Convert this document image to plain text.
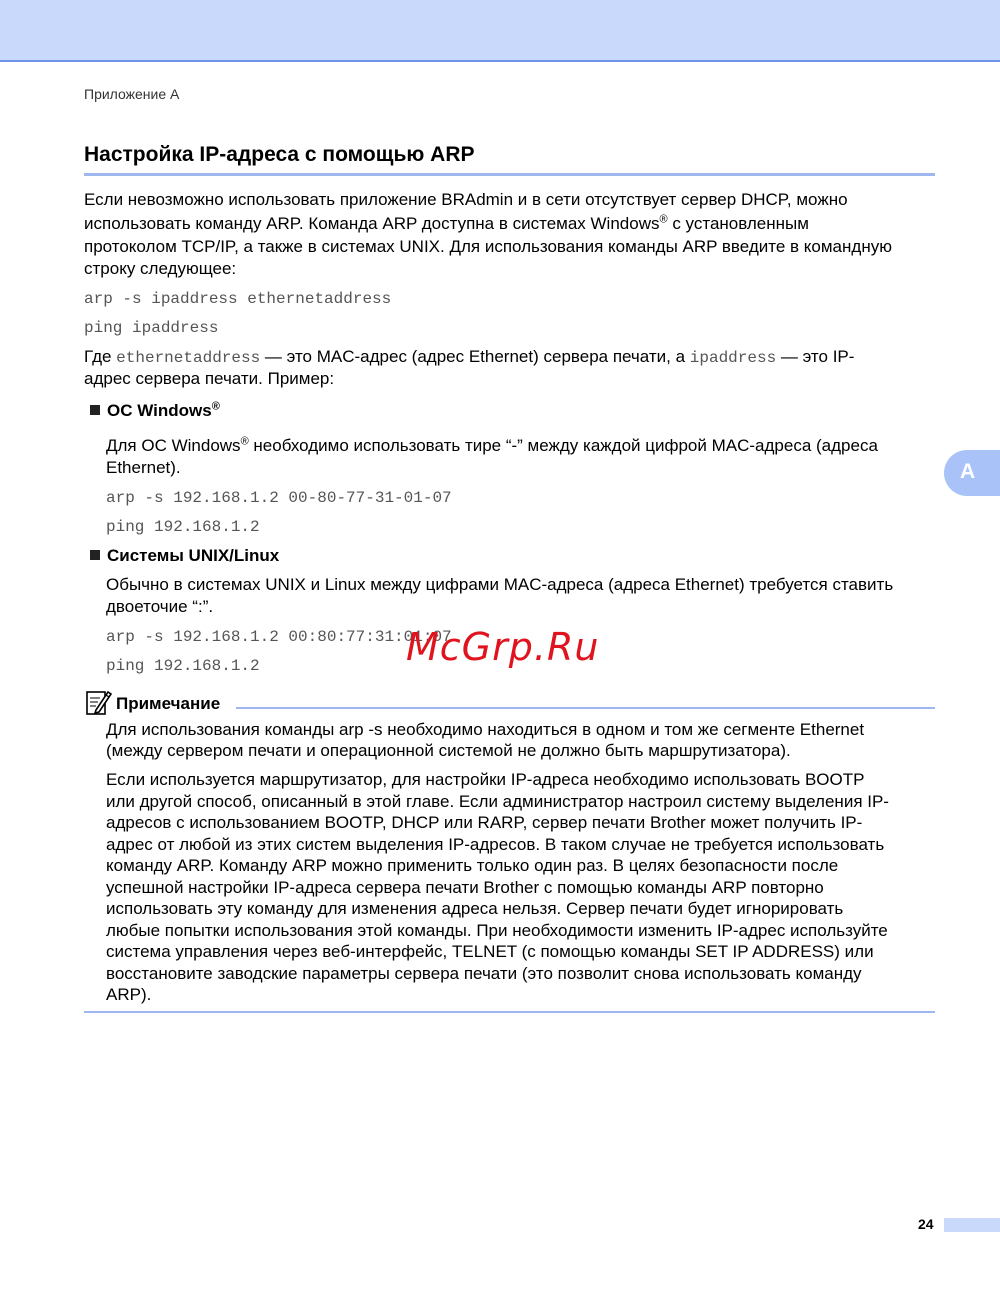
Приложение А
Настройка IP-адреса с помощью ARP

Если невозможно использовать приложение BRAdmin и в сети отсутствует сервер DHCP, можно

использовать команду ARP. Команда ARP доступна в системах Windows® с установленным

протоколом TCP/IP, а также в системах UNIX. Для использования команды ARP введите в командную

строку следующее:

arp -s ipaddress ethernetaddress

ping ipaddress

Где ethernetaddress — это MAC-адрес (адрес Ethernet) сервера печати, а ipaddress — это IP-

адрес сервера печати. Пример:

ОС Windows®

Для ОС Windows® необходимо использовать тире “-” между каждой цифрой MAC-адреса (адреса

Ethernet).

arp -s 192.168.1.2 00-80-77-31-01-07

ping 192.168.1.2

Системы UNIX/Linux

Обычно в системах UNIX и Linux между цифрами MAC-адреса (адреса Ethernet) требуется ставить

двоеточие “:”.

arp -s 192.168.1.2 00:80:77:31:01:07

ping 192.168.1.2

A
McGrp.Ru
Примечание

Для использования команды arp -s необходимо находиться в одном и том же сегменте Ethernet

(между сервером печати и операционной системой не должно быть маршрутизатора).

Если используется маршрутизатор, для настройки IP-адреса необходимо использовать BOOTP

или другой способ, описанный в этой главе. Если администратор настроил систему выделения IP-

адресов с использованием BOOTP, DHCP или RARP, сервер печати Brother может получить IP-

адрес от любой из этих систем выделения IP-адресов. В таком случае не требуется использовать

команду ARP. Команду ARP можно применить только один раз. В целях безопасности после

успешной настройки IP-адреса сервера печати Brother с помощью команды ARP повторно

использовать эту команду для изменения адреса нельзя. Сервер печати будет игнорировать

любые попытки использования этой команды. При необходимости изменить IP-адрес используйте

система управления через веб-интерфейс, TELNET (с помощью команды SET IP ADDRESS) или

восстановите заводские параметры сервера печати (это позволит снова использовать команду

ARP).

24
